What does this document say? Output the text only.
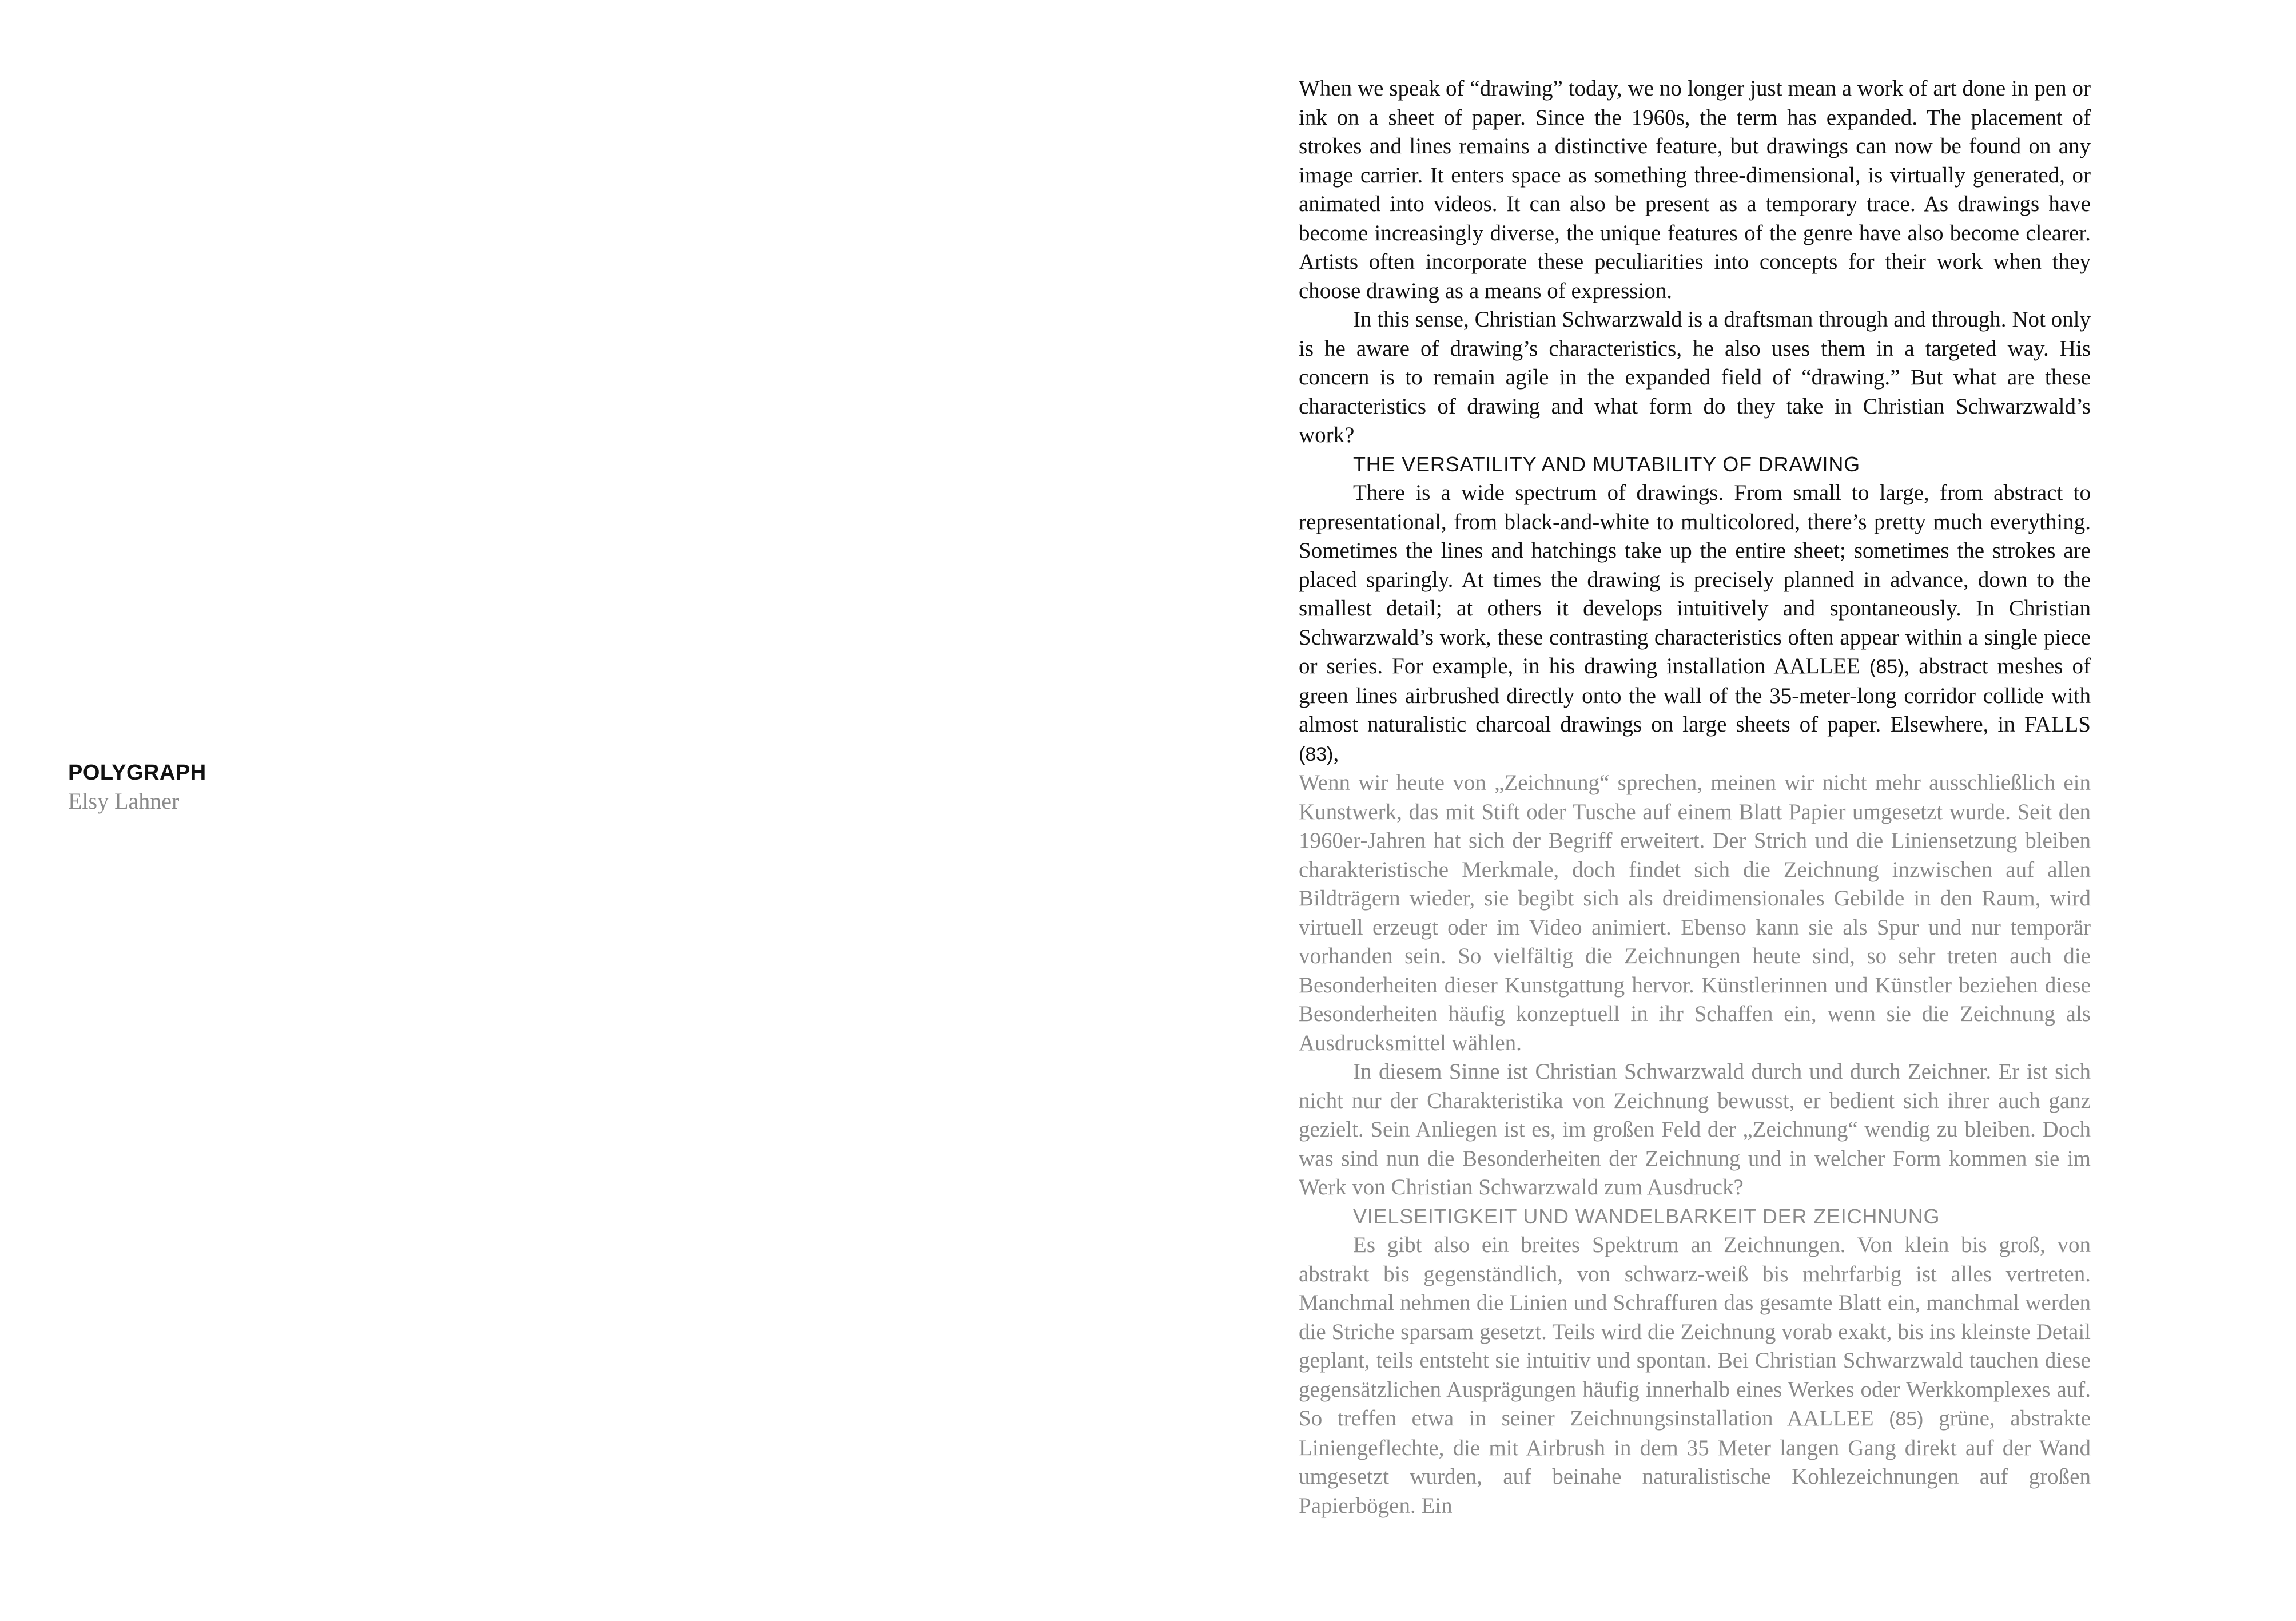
POLYGRAPH
Elsy Lahner

When we speak of “drawing” today, we no longer just mean a work of art done in pen or ink on a sheet of paper. Since the 1960s, the term has expanded. The placement of strokes and lines remains a distinctive feature, but drawings can now be found on any image carrier. It enters space as something three-dimensional, is virtually generated, or animated into videos. It can also be present as a temporary trace. As drawings have become increasingly diverse, the unique features of the genre have also become clearer. Artists often incorporate these peculiarities into concepts for their work when they choose drawing as a means of expression.

In this sense, Christian Schwarzwald is a draftsman through and through. Not only is he aware of drawing’s characteristics, he also uses them in a targeted way. His concern is to remain agile in the expanded field of “drawing.” But what are these characteristics of drawing and what form do they take in Christian Schwarzwald’s work?

THE VERSATILITY AND MUTABILITY OF DRAWING

There is a wide spectrum of drawings. From small to large, from abstract to representational, from black-and-white to multicolored, there’s pretty much everything. Sometimes the lines and hatchings take up the entire sheet; sometimes the strokes are placed sparingly. At times the drawing is precisely planned in advance, down to the smallest detail; at others it develops intuitively and spontaneously. In Christian Schwarzwald’s work, these contrasting characteristics often appear within a single piece or series. For example, in his drawing installation AALLEE (85), abstract meshes of green lines airbrushed directly onto the wall of the 35-meter-long corridor collide with almost naturalistic charcoal drawings on large sheets of paper. Elsewhere, in FALLS (83),

Wenn wir heute von „Zeichnung“ sprechen, meinen wir nicht mehr ausschließlich ein Kunstwerk, das mit Stift oder Tusche auf einem Blatt Papier umgesetzt wurde. Seit den 1960er-Jahren hat sich der Begriff erweitert. Der Strich und die Liniensetzung bleiben charakteristische Merkmale, doch findet sich die Zeichnung inzwischen auf allen Bildträgern wieder, sie begibt sich als dreidimensionales Gebilde in den Raum, wird virtuell erzeugt oder im Video animiert. Ebenso kann sie als Spur und nur temporär vorhanden sein. So vielfältig die Zeichnungen heute sind, so sehr treten auch die Besonderheiten dieser Kunstgattung hervor. Künstlerinnen und Künstler beziehen diese Besonderheiten häufig konzeptuell in ihr Schaffen ein, wenn sie die Zeichnung als Ausdrucksmittel wählen.

In diesem Sinne ist Christian Schwarzwald durch und durch Zeichner. Er ist sich nicht nur der Charakteristika von Zeichnung bewusst, er bedient sich ihrer auch ganz gezielt. Sein Anliegen ist es, im großen Feld der „Zeichnung“ wendig zu bleiben. Doch was sind nun die Besonderheiten der Zeichnung und in welcher Form kommen sie im Werk von Christian Schwarzwald zum Ausdruck?

VIELSEITIGKEIT UND WANDELBARKEIT DER ZEICHNUNG

Es gibt also ein breites Spektrum an Zeichnungen. Von klein bis groß, von abstrakt bis gegenständlich, von schwarz-weiß bis mehrfarbig ist alles vertreten. Manchmal nehmen die Linien und Schraffuren das gesamte Blatt ein, manchmal werden die Striche sparsam gesetzt. Teils wird die Zeichnung vorab exakt, bis ins kleinste Detail geplant, teils entsteht sie intuitiv und spontan. Bei Christian Schwarzwald tauchen diese gegensätzlichen Ausprägungen häufig innerhalb eines Werkes oder Werkkomplexes auf. So treffen etwa in seiner Zeichnungsinstallation AALLEE (85) grüne, abstrakte Liniengeflechte, die mit Airbrush in dem 35 Meter langen Gang direkt auf der Wand umgesetzt wurden, auf beinahe naturalistische Kohlezeichnungen auf großen Papierbögen. Ein
